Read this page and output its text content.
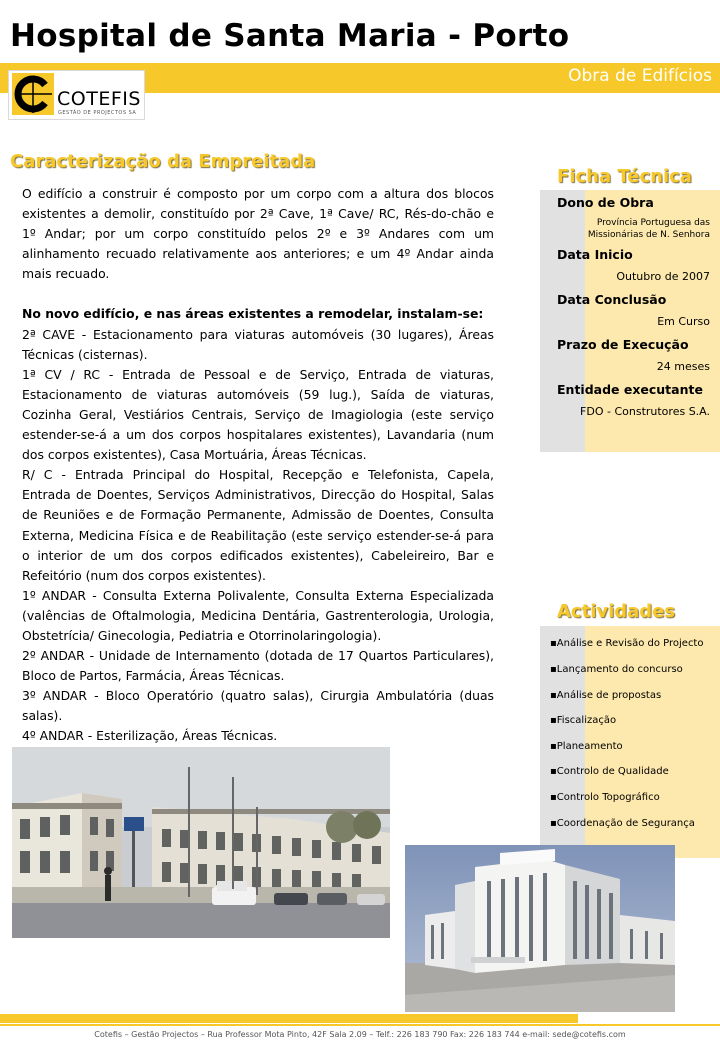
Hospital de Santa Maria - Porto
Obra de Edifícios
COTEFIS
GESTÃO DE PROJECTOS SA
Caracterização da Empreitada

O edifício a construir é composto por um corpo com a altura dos blocos existentes a demolir, constituído por 2ª Cave, 1ª Cave/ RC, Rés-do-chão e 1º Andar; por um corpo constituído pelos 2º e 3º Andares com um alinhamento recuado relativamente aos anteriores; e um 4º Andar ainda mais recuado.

No novo edifício, e nas áreas existentes a remodelar, instalam-se:

2ª CAVE - Estacionamento para viaturas automóveis (30 lugares), Áreas Técnicas (cisternas).

1ª CV / RC - Entrada de Pessoal e de Serviço, Entrada de viaturas, Estacionamento de viaturas automóveis (59 lug.), Saída de viaturas, Cozinha Geral, Vestiários Centrais, Serviço de Imagiologia (este serviço estender-se-á a um dos corpos hospitalares existentes), Lavandaria (num dos corpos existentes), Casa Mortuária, Áreas Técnicas.

R/ C - Entrada Principal do Hospital, Recepção e Telefonista, Capela, Entrada de Doentes, Serviços Administrativos, Direcção do Hospital, Salas de Reuniões e de Formação Permanente, Admissão de Doentes, Consulta Externa, Medicina Física e de Reabilitação (este serviço estender-se-á para o interior de um dos corpos edificados existentes), Cabeleireiro, Bar e Refeitório (num dos corpos existentes).

1º ANDAR - Consulta Externa Polivalente, Consulta Externa Especializada (valências de Oftalmologia, Medicina Dentária, Gastrenterologia, Urologia, Obstetrícia/ Ginecologia, Pediatria e Otorrinolaringologia).

2º ANDAR - Unidade de Internamento (dotada de 17 Quartos Particulares), Bloco de Partos, Farmácia, Áreas Técnicas.

3º ANDAR - Bloco Operatório (quatro salas), Cirurgia Ambulatória (duas salas).

4º ANDAR - Esterilização, Áreas Técnicas.

Ficha Técnica
Dono de Obra
Província Portuguesa das
Missionárias de N. Senhora
Data Inicio
Outubro de 2007
Data Conclusão
Em Curso
Prazo de Execução
24 meses
Entidade executante
FDO - Construtores S.A.
Actividades
▪Análise e Revisão do Projecto
▪Lançamento do concurso
▪Análise de propostas
▪Fiscalização
▪Planeamento
▪Controlo de Qualidade
▪Controlo Topográfico
▪Coordenação de Segurança
Cotefis – Gestão Projectos – Rua Professor Mota Pinto, 42F Sala 2.09 – Telf.: 226 183 790 Fax: 226 183 744 e-mail: sede@cotefis.com
